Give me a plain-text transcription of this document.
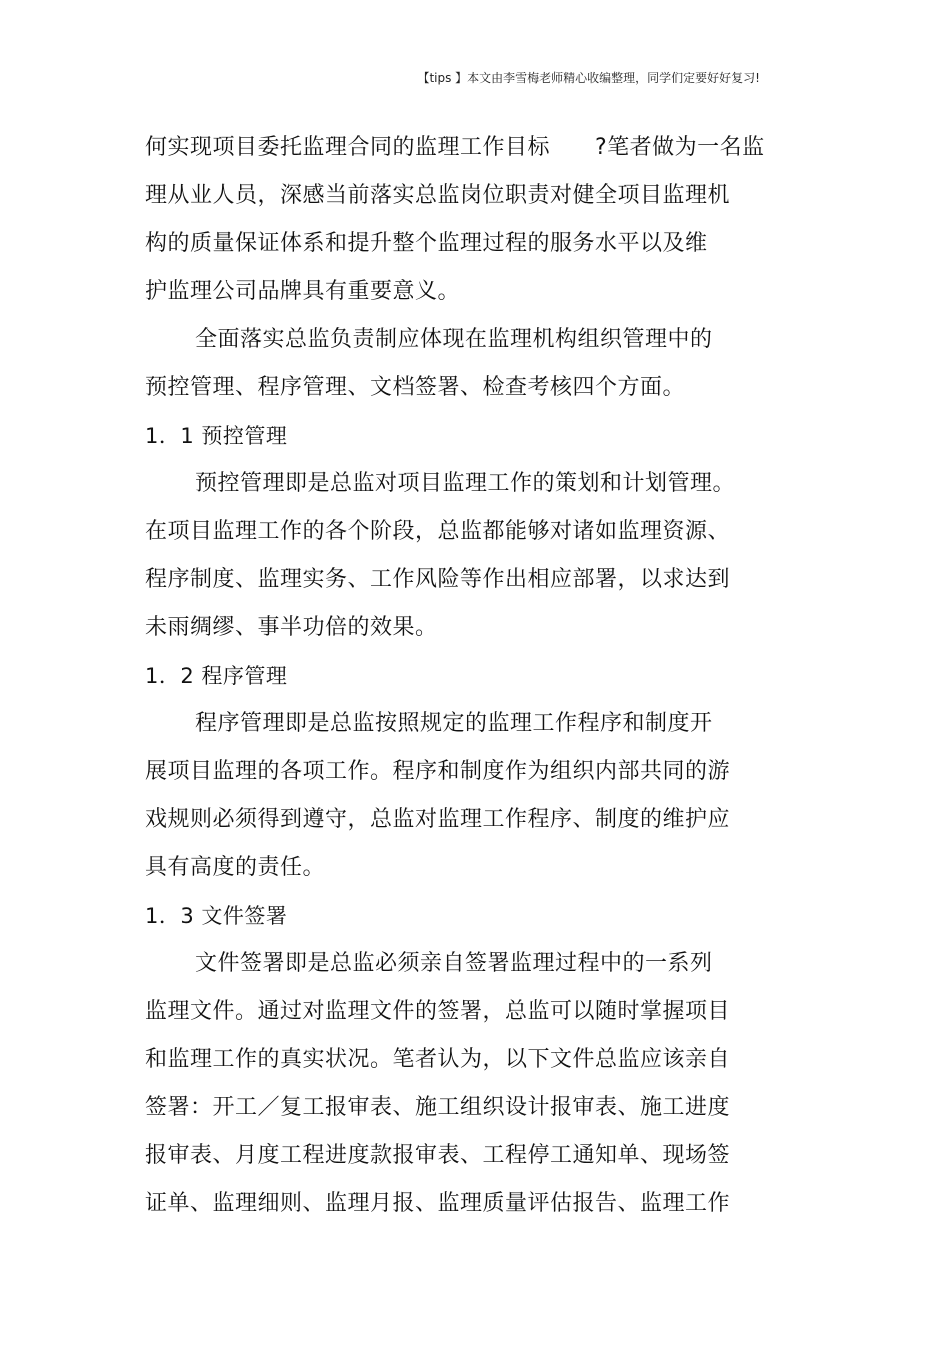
【tips 】本文由李雪梅老师精心收编整理，同学们定要好好复习!
何实现项目委托监理合同的监理工作目标　　?笔者做为一名监
理从业人员，深感当前落实总监岗位职责对健全项目监理机
构的质量保证体系和提升整个监理过程的服务水平以及维
护监理公司品牌具有重要意义。
全面落实总监负责制应体现在监理机构组织管理中的
预控管理、程序管理、文档签署、检查考核四个方面。
1．1 预控管理
预控管理即是总监对项目监理工作的策划和计划管理。
在项目监理工作的各个阶段，总监都能够对诸如监理资源、
程序制度、监理实务、工作风险等作出相应部署，以求达到
未雨绸缪、事半功倍的效果。
1．2 程序管理
程序管理即是总监按照规定的监理工作程序和制度开
展项目监理的各项工作。程序和制度作为组织内部共同的游
戏规则必须得到遵守，总监对监理工作程序、制度的维护应
具有高度的责任。
1．3 文件签署
文件签署即是总监必须亲自签署监理过程中的一系列
监理文件。通过对监理文件的签署，总监可以随时掌握项目
和监理工作的真实状况。笔者认为，以下文件总监应该亲自
签署：开工／复工报审表、施工组织设计报审表、施工进度
报审表、月度工程进度款报审表、工程停工通知单、现场签
证单、监理细则、监理月报、监理质量评估报告、监理工作
